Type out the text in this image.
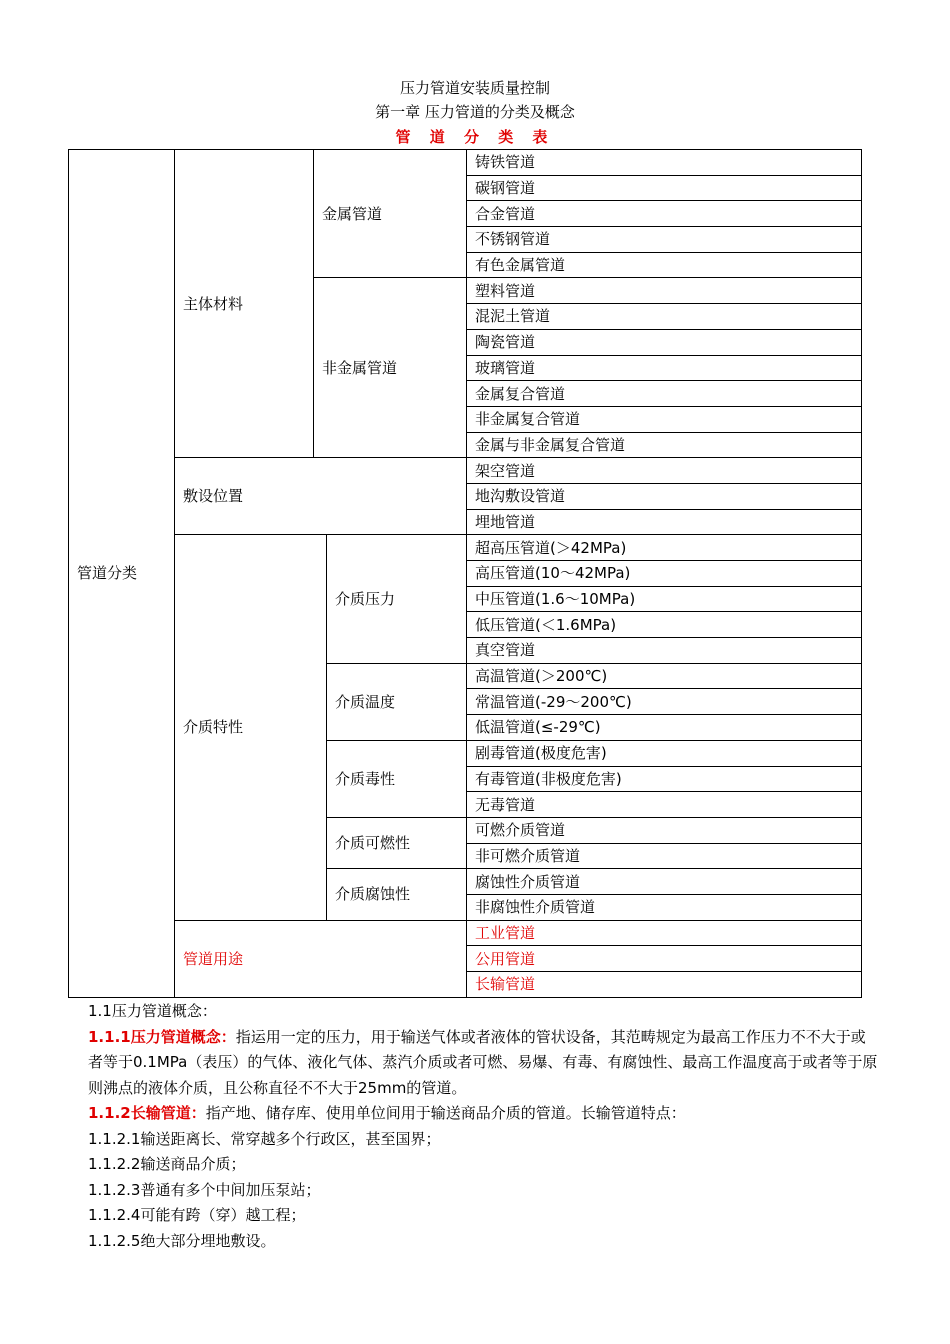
压力管道安装质量控制
第一章 压力管道的分类及概念
管 道 分 类 表
管道分类	主体材料	金属管道		铸铁管道
				碳钢管道
				合金管道
				不锈钢管道
				有色金属管道
		非金属管道		塑料管道
				混泥土管道
				陶瓷管道
				玻璃管道
				金属复合管道
				非金属复合管道
				金属与非金属复合管道
	敷设位置			架空管道
				地沟敷设管道
				埋地管道
	介质特性		介质压力	超高压管道(＞42MPa)
				高压管道(10～42MPa)
				中压管道(1.6～10MPa)
				低压管道(＜1.6MPa)
				真空管道
			介质温度	高温管道(＞200℃)
				常温管道(-29～200℃)
				低温管道(≤-29℃)
			介质毒性	剧毒管道(极度危害)
				有毒管道(非极度危害)
				无毒管道
			介质可燃性	可燃介质管道
				非可燃介质管道
			介质腐蚀性	腐蚀性介质管道
				非腐蚀性介质管道
	管道用途			工业管道
				公用管道
				长输管道

1.1压力管道概念：

1.1.1压力管道概念：指运用一定的压力，用于输送气体或者液体的管状设备，其范畴规定为最高工作压力不不大于或者等于0.1MPa（表压）的气体、液化气体、蒸汽介质或者可燃、易爆、有毒、有腐蚀性、最高工作温度高于或者等于原则沸点的液体介质，且公称直径不不大于25mm的管道。

1.1.2长输管道：指产地、储存库、使用单位间用于输送商品介质的管道。长输管道特点：

1.1.2.1输送距离长、常穿越多个行政区，甚至国界；

1.1.2.2输送商品介质；

1.1.2.3普通有多个中间加压泵站；

1.1.2.4可能有跨（穿）越工程；

1.1.2.5绝大部分埋地敷设。
